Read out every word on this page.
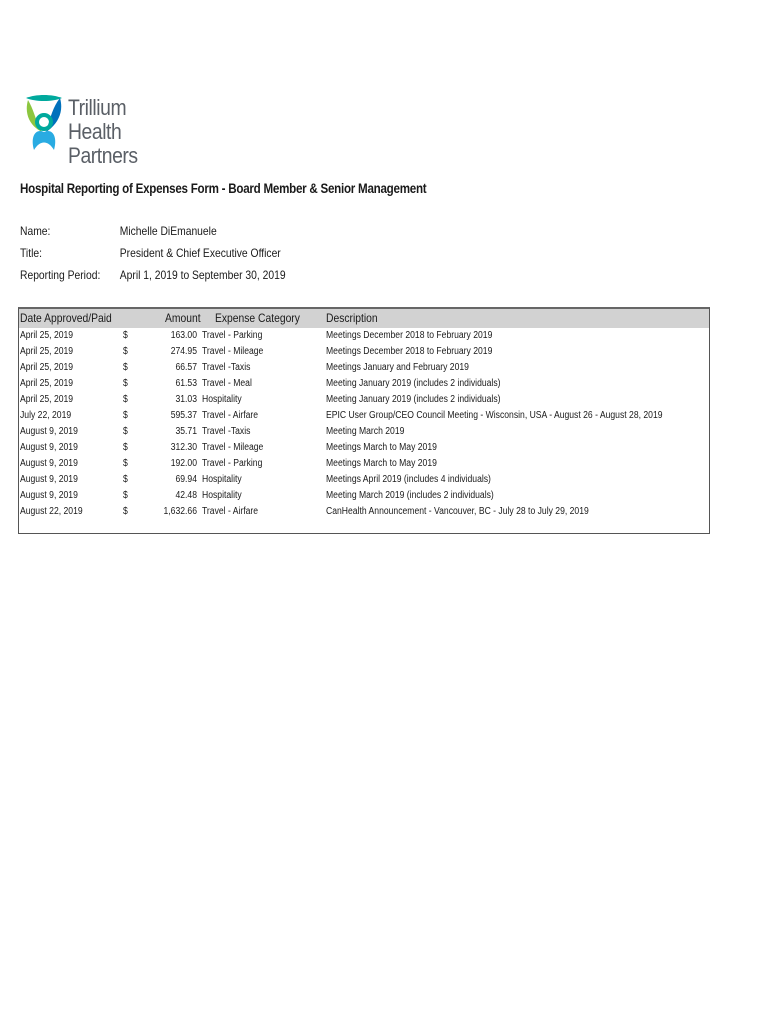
Trillium
Health Partners
Hospital Reporting of Expenses Form - Board Member & Senior Management
Name:	Michelle DiEmanuele
Title:	President & Chief Executive Officer
Reporting Period: April 1, 2019 to September 30, 2019
Date Approved/Paid	Amount Expense Category Description
April 25, 2019	$	163.00 Travel - Parking	Meetings December 2018 to February 2019
April 25, 2019	$	274.95 Travel - Mileage	Meetings December 2018 to February 2019
April 25, 2019	$	66.57 Travel -Taxis	Meetings January and February 2019
April 25, 2019	$	61.53 Travel - Meal	Meeting January 2019 (includes 2 individuals)
April 25, 2019	$	31.03 Hospitality	Meeting January 2019 (includes 2 individuals)
July 22, 2019	$	595.37 Travel - Airfare	EPIC User Group/CEO Council Meeting - Wisconsin, USA - August 26 - August 28, 2019
August 9, 2019	$	35.71 Travel -Taxis	Meeting March 2019
August 9, 2019	$	312.30 Travel - Mileage	Meetings March to May 2019
August 9, 2019	$	192.00 Travel - Parking	Meetings March to May 2019
August 9, 2019	$	69.94 Hospitality	Meetings April 2019 (includes 4 individuals)
August 9, 2019	$	42.48 Hospitality	Meeting March 2019 (includes 2 individuals)
August 22, 2019	$	1,632.66 Travel - Airfare	CanHealth Announcement - Vancouver, BC - July 28 to July 29, 2019
